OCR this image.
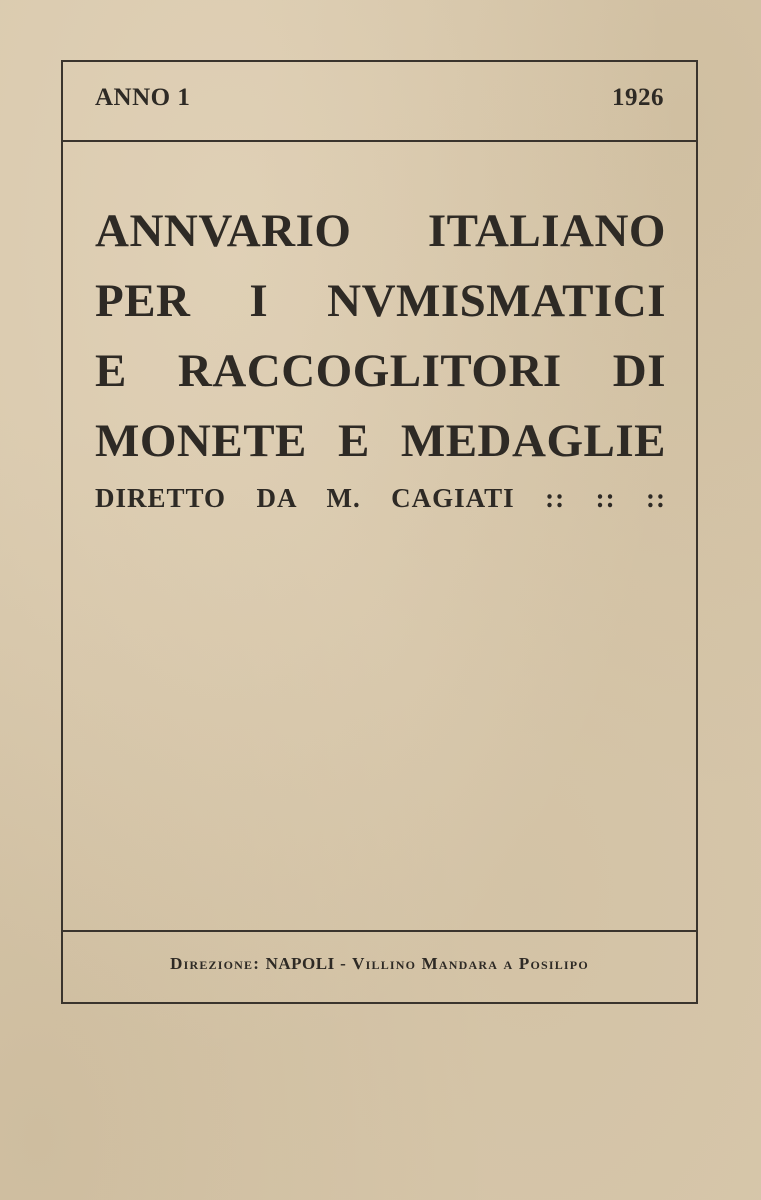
ANNO 1	1926
ANNVARIO ITALIANO
PER I NVMISMATICI
E RACCOGLITORI DI
MONETE E MEDAGLIE
DIRETTO DA M. CAGIATI :: :: ::
Direzione: NAPOLI - Villino Mandara a Posilipo
